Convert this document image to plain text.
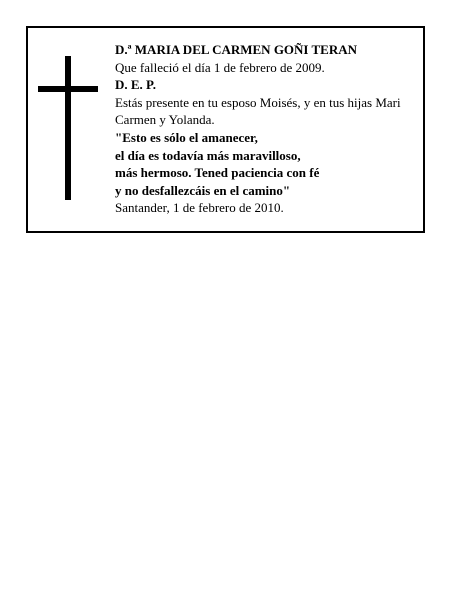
D.ª MARIA DEL CARMEN GOÑI TERAN
Que falleció el día 1 de febrero de 2009.
D. E. P.
Estás presente en tu esposo Moisés, y en tus hijas Mari Carmen y Yolanda.
"Esto es sólo el amanecer,
el día es todavía más maravilloso,
más hermoso. Tened paciencia con fé
y no desfallezcáis en el camino"
Santander, 1 de febrero de 2010.
